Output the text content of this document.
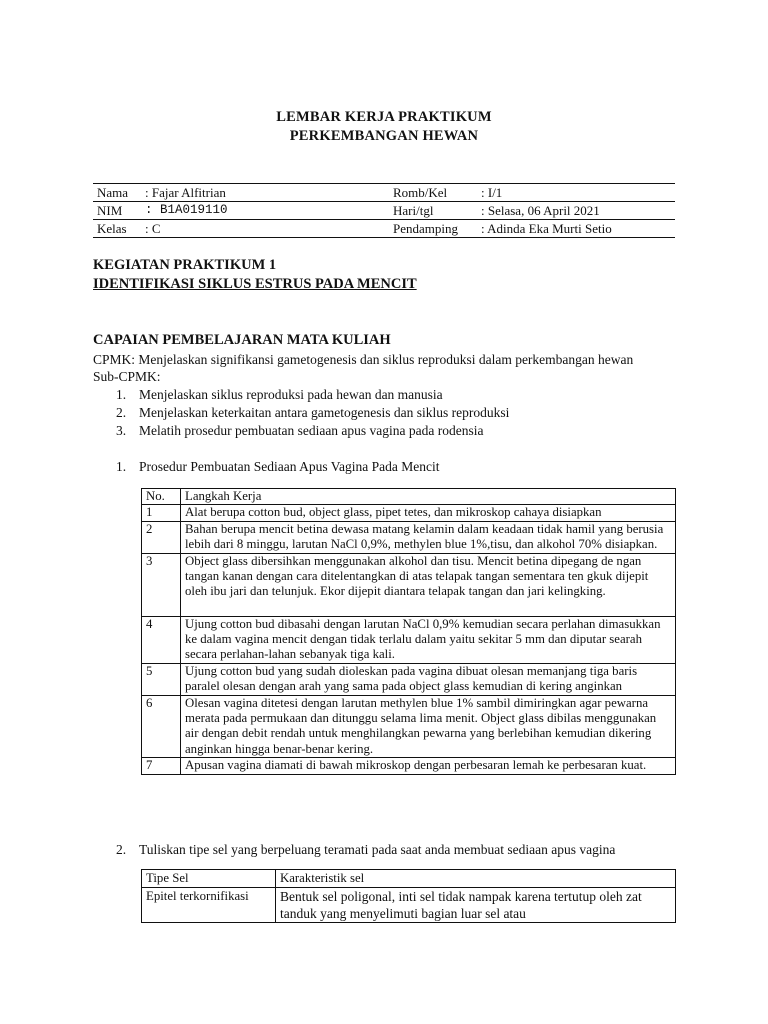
LEMBAR KERJA PRAKTIKUM
PERKEMBANGAN HEWAN
Nama	: Fajar Alfitrian	Romb/Kel	: I/1
NIM	: B1A019110	Hari/tgl	: Selasa, 06 April 2021
Kelas	: C	Pendamping	: Adinda Eka Murti Setio
KEGIATAN PRAKTIKUM 1
IDENTIFIKASI SIKLUS ESTRUS PADA MENCIT
CAPAIAN PEMBELAJARAN MATA KULIAH
CPMK: Menjelaskan signifikansi gametogenesis dan siklus reproduksi dalam perkembangan hewan
Sub-CPMK:
1. Menjelaskan siklus reproduksi pada hewan dan manusia
2. Menjelaskan keterkaitan antara gametogenesis dan siklus reproduksi
3. Melatih prosedur pembuatan sediaan apus vagina pada rodensia
1. Prosedur Pembuatan Sediaan Apus Vagina Pada Mencit
No.	Langkah Kerja
1	Alat berupa cotton bud, object glass, pipet tetes, dan mikroskop cahaya disiapkan
2	Bahan berupa mencit betina dewasa matang kelamin dalam keadaan tidak hamil yang berusia lebih dari 8 minggu, larutan NaCl 0,9%, methylen blue 1%,tisu, dan alkohol 70% disiapkan.
3	Object glass dibersihkan menggunakan alkohol dan tisu. Mencit betina dipegang de ngan tangan kanan dengan cara ditelentangkan di atas telapak tangan sementara ten gkuk dijepit oleh ibu jari dan telunjuk. Ekor dijepit diantara telapak tangan dan jari kelingking.
4	Ujung cotton bud dibasahi dengan larutan NaCl 0,9% kemudian secara perlahan dimasukkan ke dalam vagina mencit dengan tidak terlalu dalam yaitu sekitar 5 mm dan diputar searah secara perlahan-lahan sebanyak tiga kali.
5	Ujung cotton bud yang sudah dioleskan pada vagina dibuat olesan memanjang tiga baris paralel olesan dengan arah yang sama pada object glass kemudian di kering anginkan
6	Olesan vagina ditetesi dengan larutan methylen blue 1% sambil dimiringkan agar pewarna merata pada permukaan dan ditunggu selama lima menit. Object glass dibilas menggunakan air dengan debit rendah untuk menghilangkan pewarna yang berlebihan kemudian dikering anginkan hingga benar-benar kering.
7	Apusan vagina diamati di bawah mikroskop dengan perbesaran lemah ke perbesaran kuat.
2. Tuliskan tipe sel yang berpeluang teramati pada saat anda membuat sediaan apus vagina
Tipe Sel	Karakteristik sel
Epitel terkornifikasi	Bentuk sel poligonal, inti sel tidak nampak karena tertutup oleh zat tanduk yang menyelimuti bagian luar sel atau
